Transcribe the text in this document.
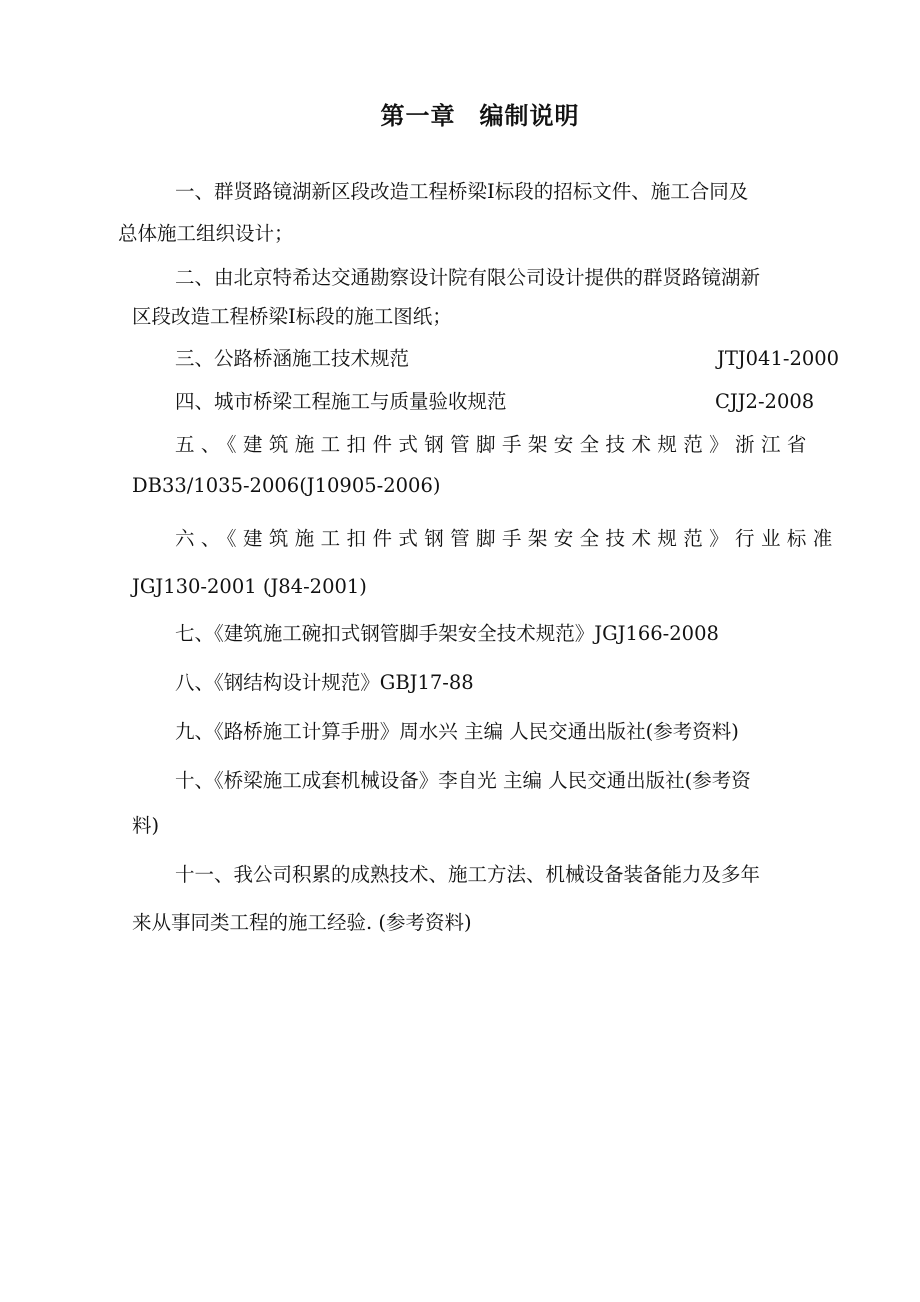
第一章 编制说明

一、群贤路镜湖新区段改造工程桥梁Ⅰ标段的招标文件、施工合同及

总体施工组织设计；

二、由北京特希达交通勘察设计院有限公司设计提供的群贤路镜湖新

区段改造工程桥梁Ⅰ标段的施工图纸；

三、公路桥涵施工技术规范	JTJ041-2000

四、城市桥梁工程施工与质量验收规范	CJJ2-2008

五、《建筑施工扣件式钢管脚手架安全技术规范》浙江省

DB33/1035-2006(J10905-2006)

六、《建筑施工扣件式钢管脚手架安全技术规范》行业标准

JGJ130-2001 (J84-2001)

七、《建筑施工碗扣式钢管脚手架安全技术规范》JGJ166-2008

八、《钢结构设计规范》GBJ17-88

九、《路桥施工计算手册》周水兴 主编 人民交通出版社(参考资料)

十、《桥梁施工成套机械设备》李自光 主编 人民交通出版社(参考资

料)

十一、我公司积累的成熟技术、施工方法、机械设备装备能力及多年

来从事同类工程的施工经验. (参考资料)
